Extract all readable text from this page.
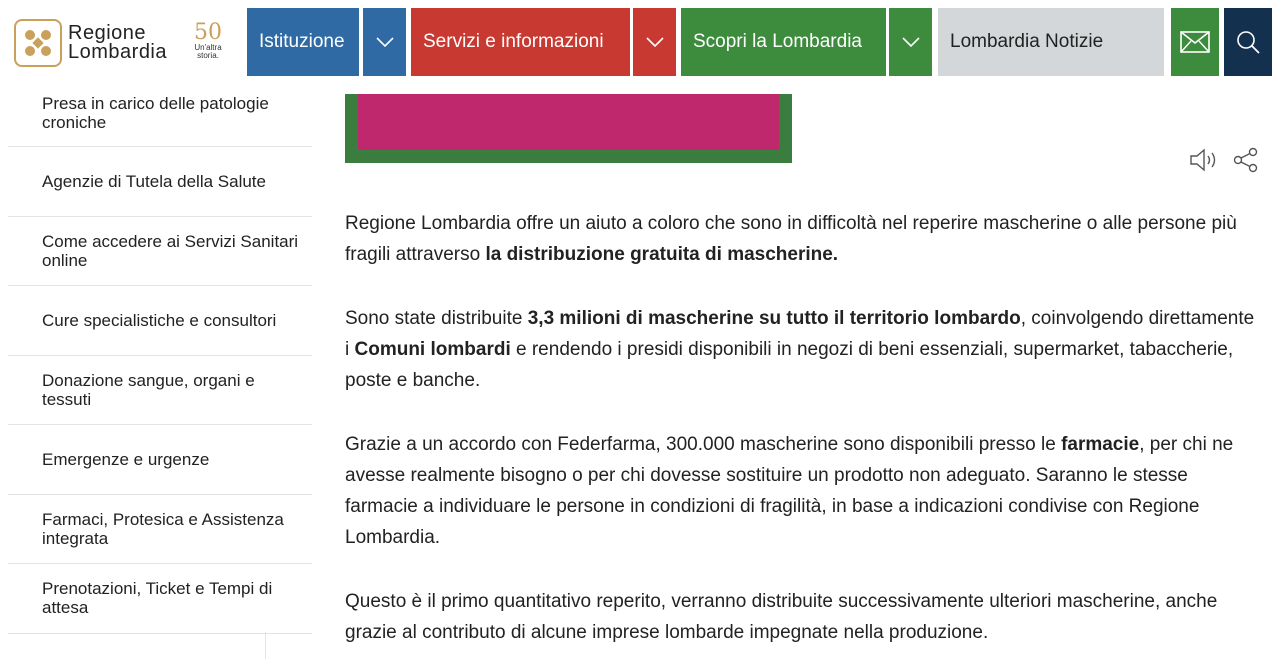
Regione
Lombardia
50
Un'altra
storia.
Istituzione	Servizi e informazioni	Scopri la Lombardia	Lombardia Notizie
Presa in carico delle patologie croniche
Agenzie di Tutela della Salute
Come accedere ai Servizi Sanitari online
Cure specialistiche e consultori
Donazione sangue, organi e tessuti
Emergenze e urgenze
Farmaci, Protesica e Assistenza integrata
Prenotazioni, Ticket e Tempi di attesa

Regione Lombardia offre un aiuto a coloro che sono in difficoltà nel reperire mascherine o alle persone più fragili attraverso la distribuzione gratuita di mascherine.

Sono state distribuite 3,3 milioni di mascherine su tutto il territorio lombardo, coinvolgendo direttamente i Comuni lombardi e rendendo i presidi disponibili in negozi di beni essenziali, supermarket, tabaccherie, poste e banche.

Grazie a un accordo con Federfarma, 300.000 mascherine sono disponibili presso le farmacie, per chi ne avesse realmente bisogno o per chi dovesse sostituire un prodotto non adeguato. Saranno le stesse farmacie a individuare le persone in condizioni di fragilità, in base a indicazioni condivise con Regione Lombardia.

Questo è il primo quantitativo reperito, verranno distribuite successivamente ulteriori mascherine, anche grazie al contributo di alcune imprese lombarde impegnate nella produzione.
